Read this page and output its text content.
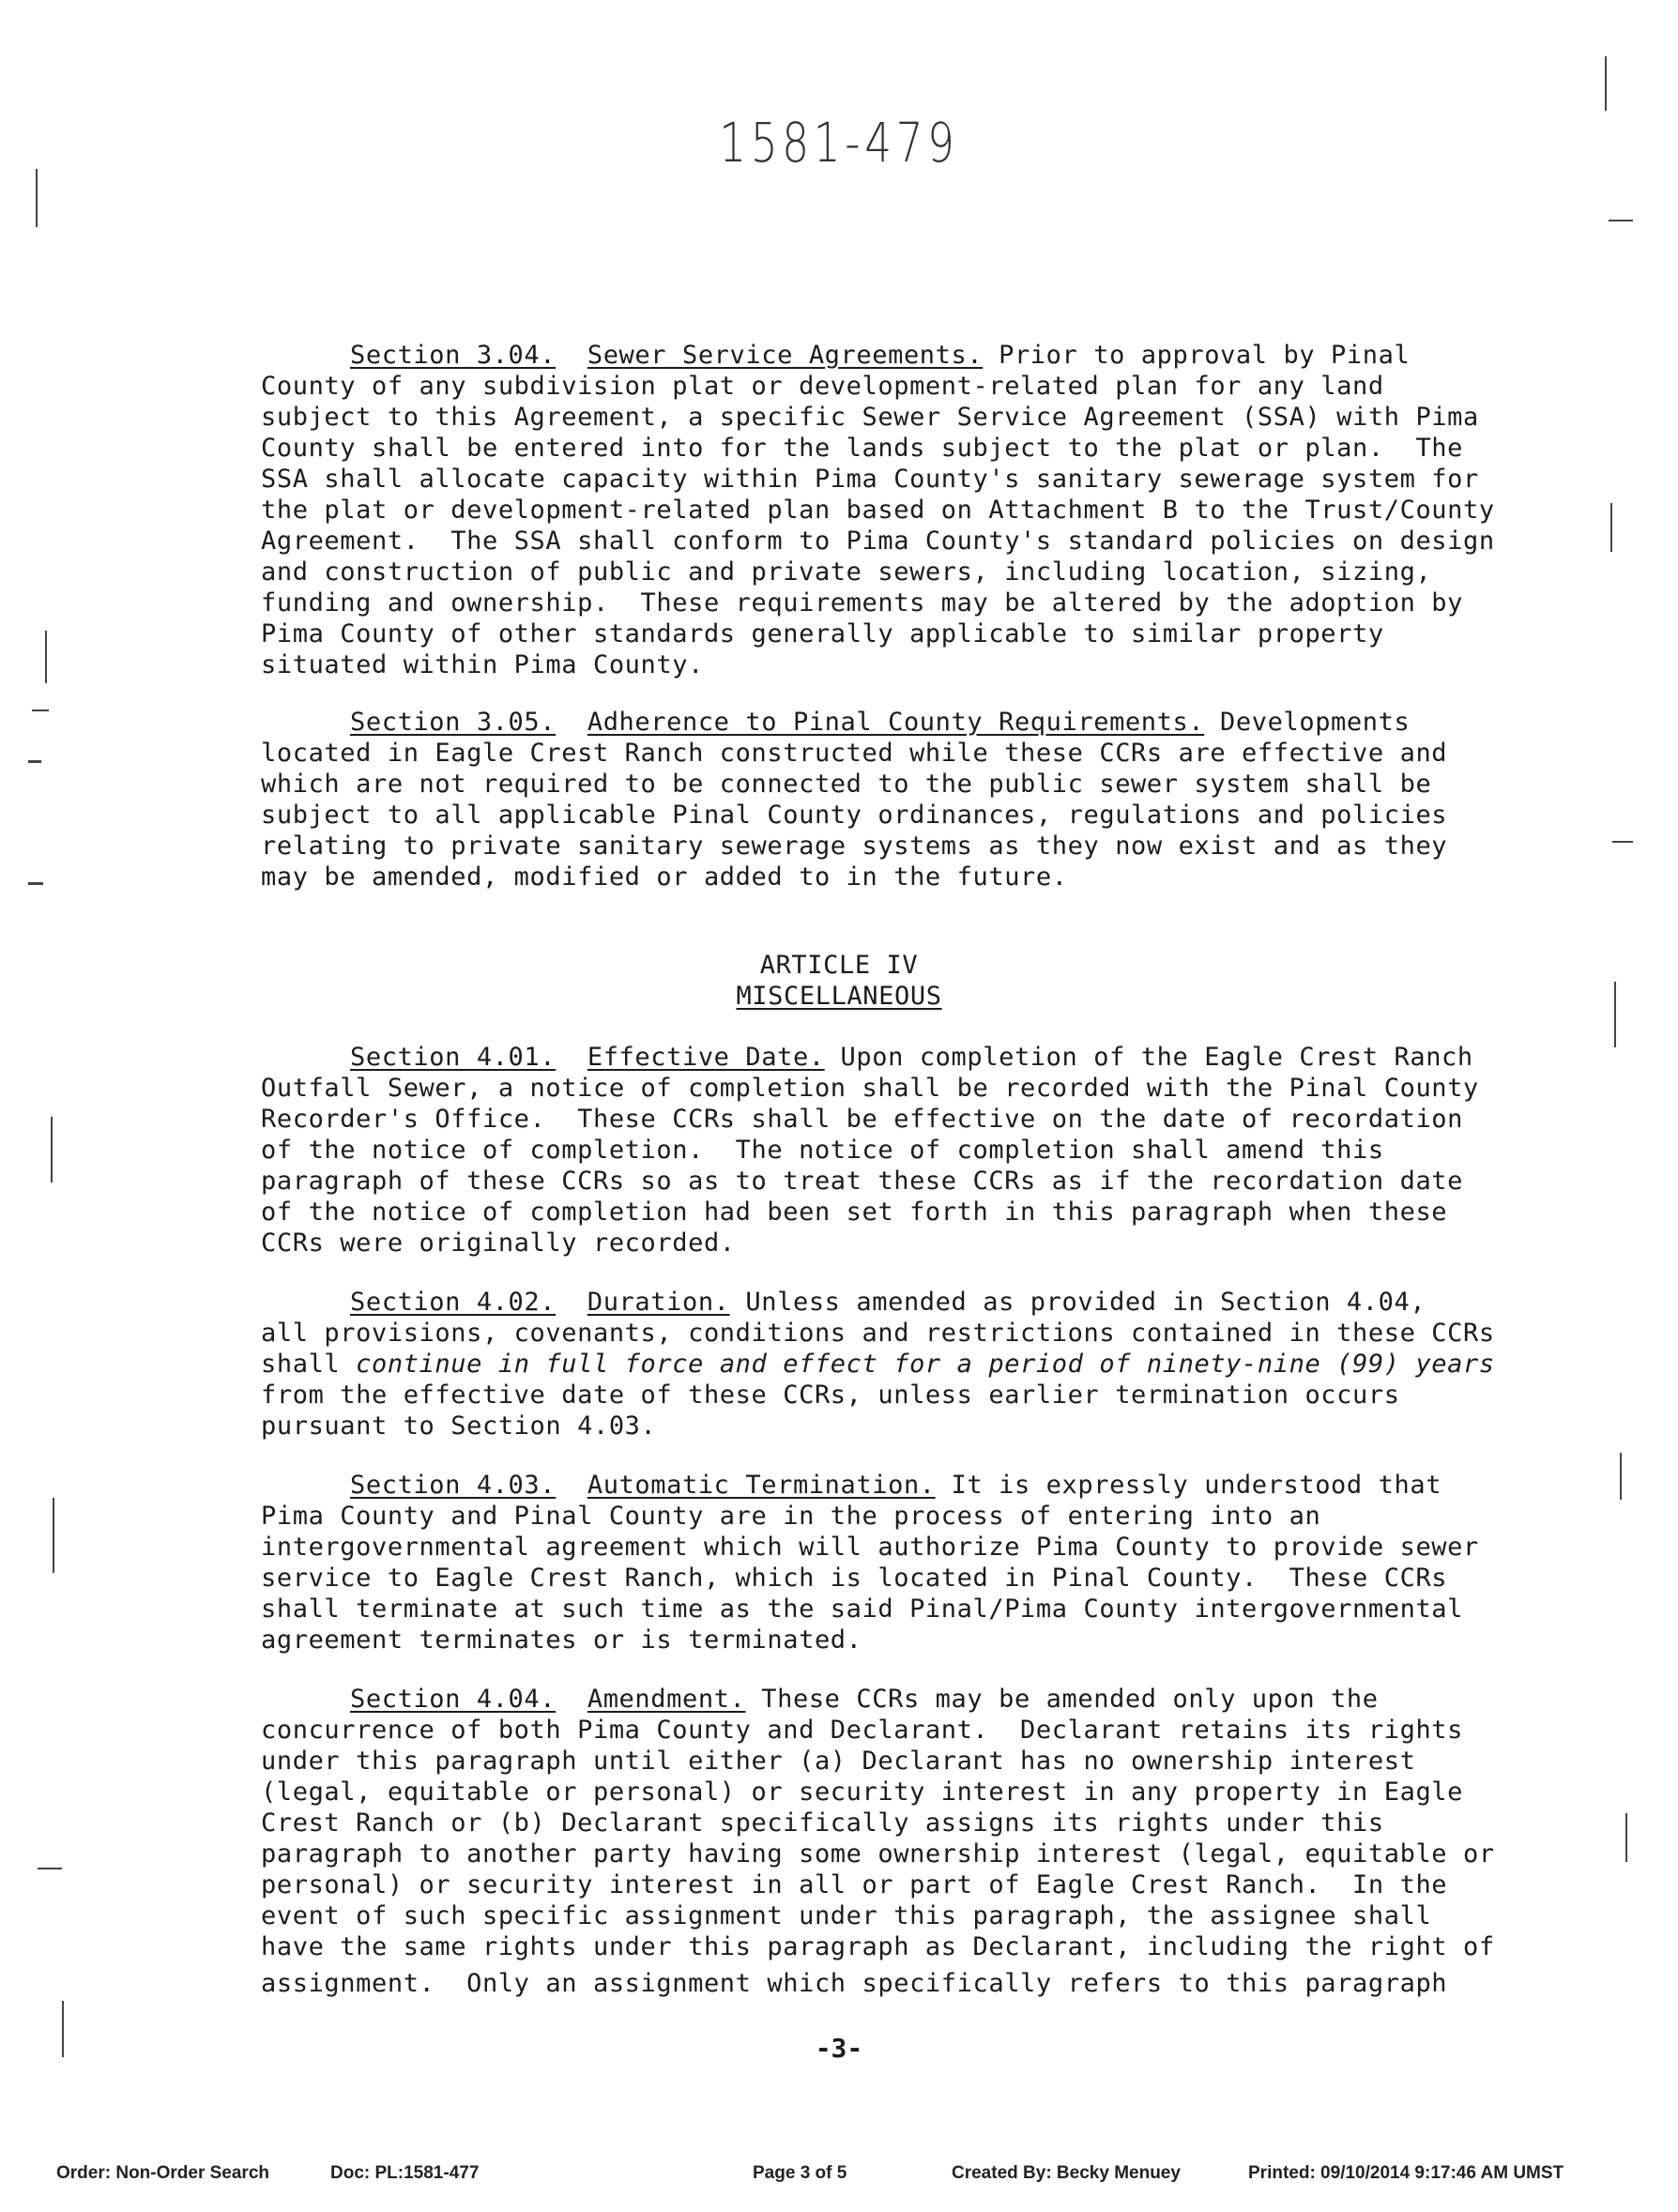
1581-479

Section 3.04. Sewer Service Agreements. Prior to approval by Pinal

County of any subdivision plat or development-related plan for any land

subject to this Agreement, a specific Sewer Service Agreement (SSA) with Pima

County shall be entered into for the lands subject to the plat or plan.  The

SSA shall allocate capacity within Pima County's sanitary sewerage system for

the plat or development-related plan based on Attachment B to the Trust/County

Agreement.  The SSA shall conform to Pima County's standard policies on design

and construction of public and private sewers, including location, sizing,

funding and ownership.  These requirements may be altered by the adoption by

Pima County of other standards generally applicable to similar property

situated within Pima County.

Section 3.05. Adherence to Pinal County Requirements. Developments

located in Eagle Crest Ranch constructed while these CCRs are effective and

which are not required to be connected to the public sewer system shall be

subject to all applicable Pinal County ordinances, regulations and policies

relating to private sanitary sewerage systems as they now exist and as they

may be amended, modified or added to in the future.

ARTICLE IV
MISCELLANEOUS

Section 4.01. Effective Date. Upon completion of the Eagle Crest Ranch

Outfall Sewer, a notice of completion shall be recorded with the Pinal County

Recorder's Office.  These CCRs shall be effective on the date of recordation

of the notice of completion.  The notice of completion shall amend this

paragraph of these CCRs so as to treat these CCRs as if the recordation date

of the notice of completion had been set forth in this paragraph when these

CCRs were originally recorded.

Section 4.02. Duration. Unless amended as provided in Section 4.04,

all provisions, covenants, conditions and restrictions contained in these CCRs

shall continue in full force and effect for a period of ninety-nine (99) years

from the effective date of these CCRs, unless earlier termination occurs

pursuant to Section 4.03.

Section 4.03. Automatic Termination. It is expressly understood that

Pima County and Pinal County are in the process of entering into an

intergovernmental agreement which will authorize Pima County to provide sewer

service to Eagle Crest Ranch, which is located in Pinal County.  These CCRs

shall terminate at such time as the said Pinal/Pima County intergovernmental

agreement terminates or is terminated.

Section 4.04. Amendment. These CCRs may be amended only upon the

concurrence of both Pima County and Declarant.  Declarant retains its rights

under this paragraph until either (a) Declarant has no ownership interest

(legal, equitable or personal) or security interest in any property in Eagle

Crest Ranch or (b) Declarant specifically assigns its rights under this

paragraph to another party having some ownership interest (legal, equitable or

personal) or security interest in all or part of Eagle Crest Ranch.  In the

event of such specific assignment under this paragraph, the assignee shall

have the same rights under this paragraph as Declarant, including the right of

assignment.  Only an assignment which specifically refers to this paragraph

-3-
Order: Non-Order Search	Doc: PL:1581-477	Page 3 of 5	Created By: Becky Menuey	Printed: 09/10/2014 9:17:46 AM UMST
